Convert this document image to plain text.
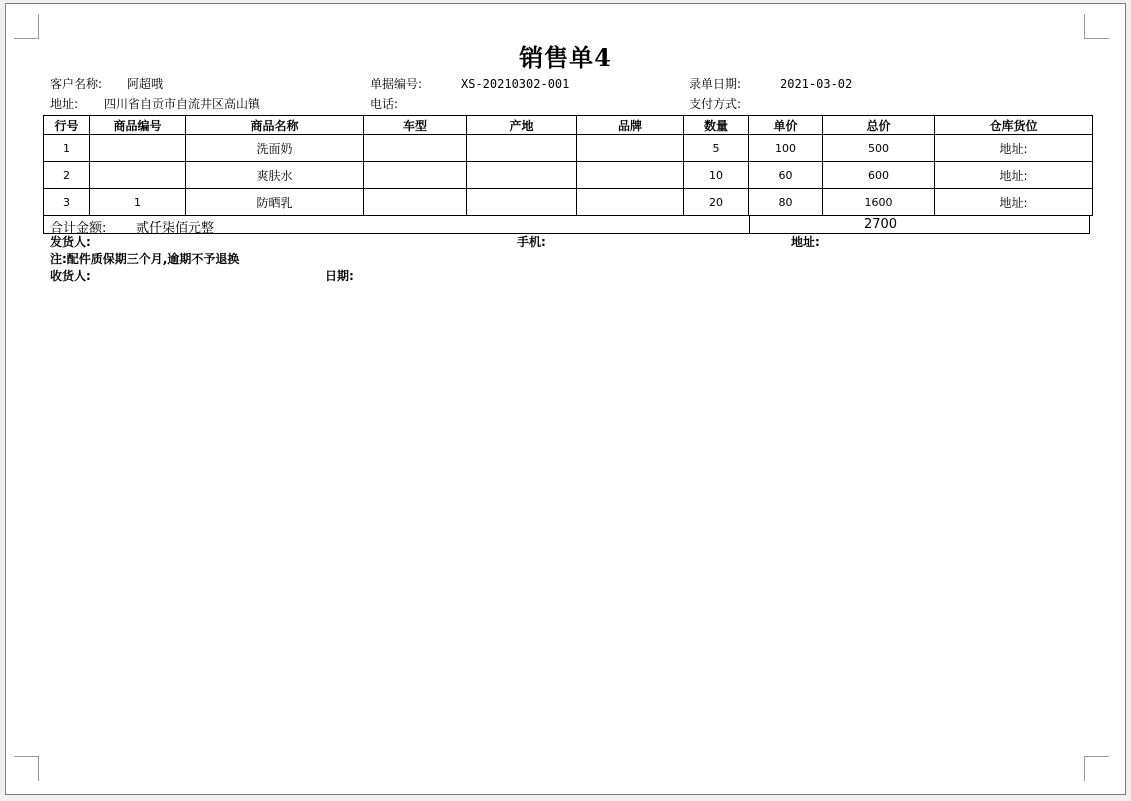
销售单4
客户名称: 阿超哦	单据编号:	XS-20210302-001	录单日期:	2021-03-02
地址: 四川省自贡市自流井区高山镇	电话:	支付方式:
行号	商品编号	商品名称	车型	产地	品牌	数量	单价	总价	仓库货位
1		洗面奶				5	100	500	地址:
2		爽肤水				10	60	600	地址:
3	1	防晒乳				20	80	1600	地址:
合计金额: 贰仟柒佰元整	2700
发货人:	手机:	地址:
注:配件质保期三个月,逾期不予退换
收货人:	日期:
